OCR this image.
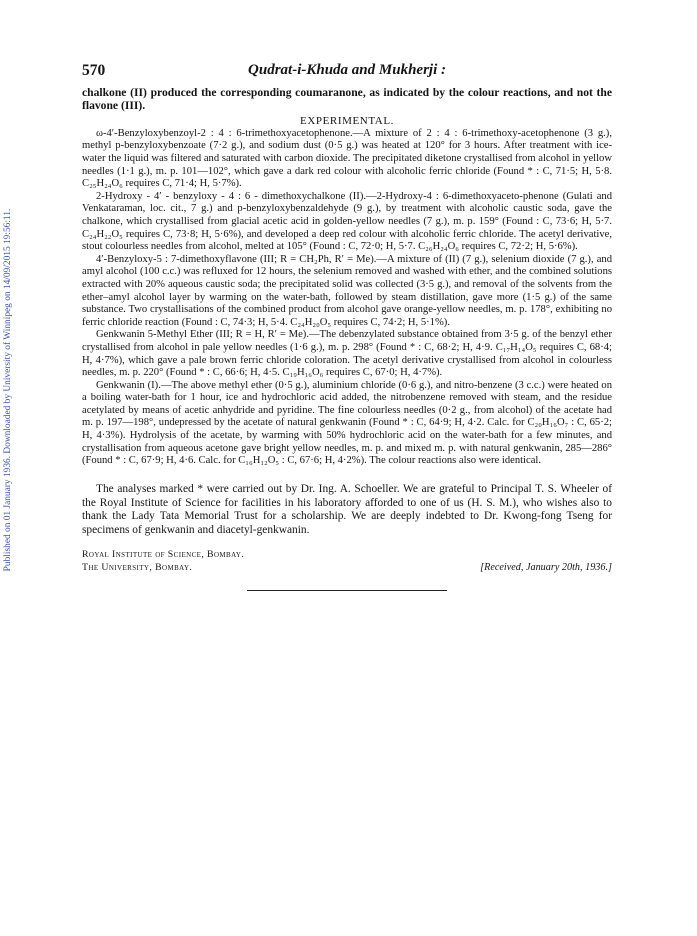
Published on 01 January 1936. Downloaded by University of Winnipeg on 14/09/2015 19:56:11.
570	Qudrat-i-Khuda and Mukherji :

chalkone (II) produced the corresponding coumaranone, as indicated by the colour reactions, and not the flavone (III).

EXPERIMENTAL.

ω-4′-Benzyloxybenzoyl-2 : 4 : 6-trimethoxyacetophenone.—A mixture of 2 : 4 : 6-trimethoxy-acetophenone (3 g.), methyl p-benzyloxybenzoate (7·2 g.), and sodium dust (0·5 g.) was heated at 120° for 3 hours. After treatment with ice-water the liquid was filtered and saturated with carbon dioxide. The precipitated diketone crystallised from alcohol in yellow needles (1·1 g.), m. p. 101—102°, which gave a dark red colour with alcoholic ferric chloride (Found * : C, 71·5; H, 5·8. C₂₅H₂₄O₆ requires C, 71·4; H, 5·7%).

2-Hydroxy - 4′ - benzyloxy - 4 : 6 - dimethoxychalkone (II).—2-Hydroxy-4 : 6-dimethoxyaceto-phenone (Gulati and Venkataraman, loc. cit., 7 g.) and p-benzyloxybenzaldehyde (9 g.), by treatment with alcoholic caustic soda, gave the chalkone, which crystallised from glacial acetic acid in golden-yellow needles (7 g.), m. p. 159° (Found : C, 73·6; H, 5·7. C₂₄H₂₂O₅ requires C, 73·8; H, 5·6%), and developed a deep red colour with alcoholic ferric chloride. The acetyl derivative, stout colourless needles from alcohol, melted at 105° (Found : C, 72·0; H, 5·7. C₂₆H₂₄O₆ requires C, 72·2; H, 5·6%).

4′-Benzyloxy-5 : 7-dimethoxyflavone (III; R = CH₂Ph, R′ = Me).—A mixture of (II) (7 g.), selenium dioxide (7 g.), and amyl alcohol (100 c.c.) was refluxed for 12 hours, the selenium removed and washed with ether, and the combined solutions extracted with 20% aqueous caustic soda; the precipitated solid was collected (3·5 g.), and removal of the solvents from the ether–amyl alcohol layer by warming on the water-bath, followed by steam distillation, gave more (1·5 g.) of the same substance. Two crystallisations of the combined product from alcohol gave orange-yellow needles, m. p. 178°, exhibiting no ferric chloride reaction (Found : C, 74·3; H, 5·4. C₂₄H₂₀O₅ requires C, 74·2; H, 5·1%).

Genkwanin 5-Methyl Ether (III; R = H, R′ = Me).—The debenzylated substance obtained from 3·5 g. of the benzyl ether crystallised from alcohol in pale yellow needles (1·6 g.), m. p. 298° (Found * : C, 68·2; H, 4·9. C₁₇H₁₄O₅ requires C, 68·4; H, 4·7%), which gave a pale brown ferric chloride coloration. The acetyl derivative crystallised from alcohol in colourless needles, m. p. 220° (Found * : C, 66·6; H, 4·5. C₁₉H₁₆O₆ requires C, 67·0; H, 4·7%).

Genkwanin (I).—The above methyl ether (0·5 g.), aluminium chloride (0·6 g.), and nitro-benzene (3 c.c.) were heated on a boiling water-bath for 1 hour, ice and hydrochloric acid added, the nitrobenzene removed with steam, and the residue acetylated by means of acetic anhydride and pyridine. The fine colourless needles (0·2 g., from alcohol) of the acetate had m. p. 197—198°, undepressed by the acetate of natural genkwanin (Found * : C, 64·9; H, 4·2. Calc. for C₂₀H₁₆O₇ : C, 65·2; H, 4·3%). Hydrolysis of the acetate, by warming with 50% hydrochloric acid on the water-bath for a few minutes, and crystallisation from aqueous acetone gave bright yellow needles, m. p. and mixed m. p. with natural genkwanin, 285—286° (Found * : C, 67·9; H, 4·6. Calc. for C₁₆H₁₂O₅ : C, 67·6; H, 4·2%). The colour reactions also were identical.

The analyses marked * were carried out by Dr. Ing. A. Schoeller. We are grateful to Principal T. S. Wheeler of the Royal Institute of Science for facilities in his laboratory afforded to one of us (H. S. M.), who wishes also to thank the Lady Tata Memorial Trust for a scholarship. We are deeply indebted to Dr. Kwong-fong Tseng for specimens of genkwanin and diacetyl-genkwanin.

Royal Institute of Science, Bombay.
The University, Bombay.	[Received, January 20th, 1936.]
